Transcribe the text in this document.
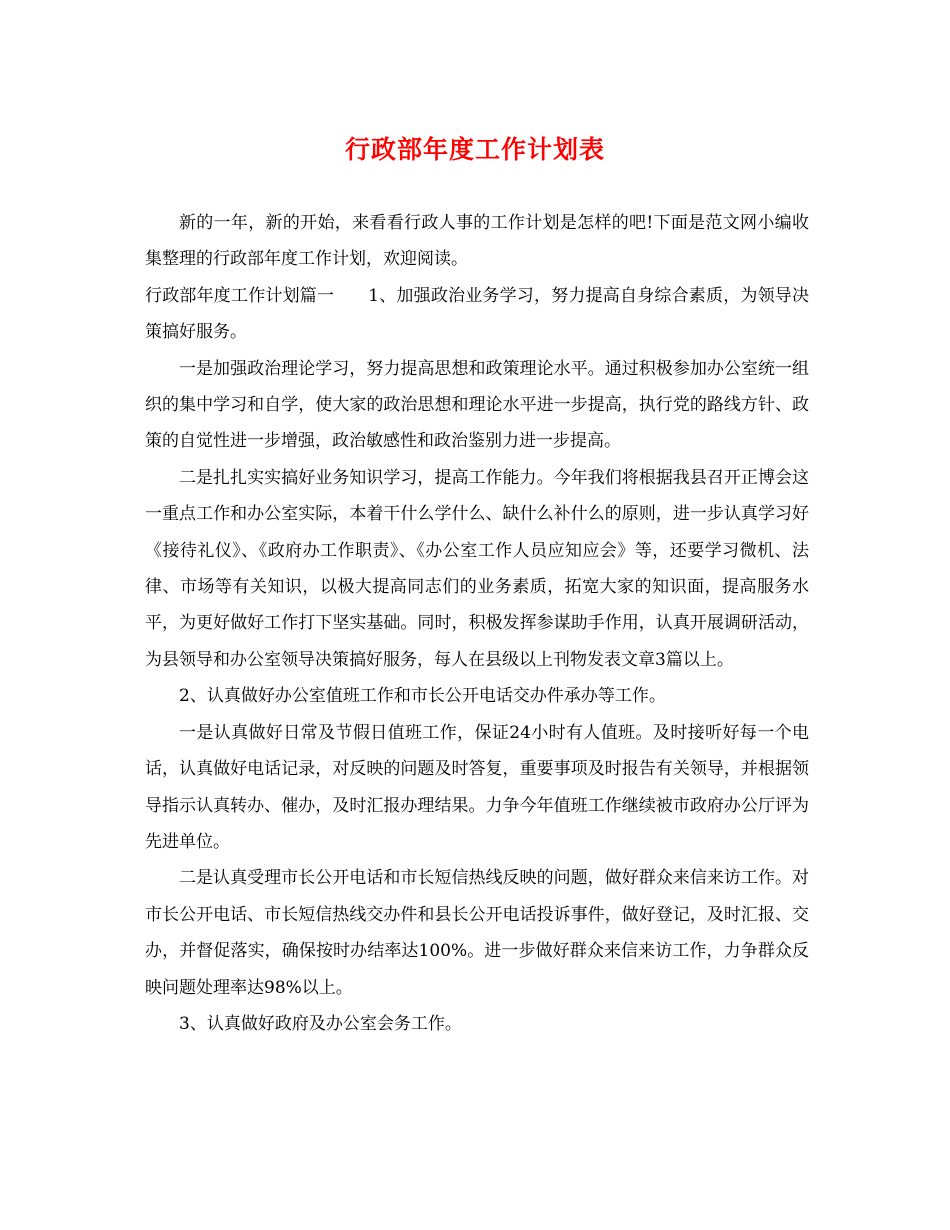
行政部年度工作计划表

新的一年，新的开始，来看看行政人事的工作计划是怎样的吧!下面是范文网小编收集整理的行政部年度工作计划，欢迎阅读。

行政部年度工作计划篇一 1、加强政治业务学习，努力提高自身综合素质，为领导决策搞好服务。

一是加强政治理论学习，努力提高思想和政策理论水平。通过积极参加办公室统一组织的集中学习和自学，使大家的政治思想和理论水平进一步提高，执行党的路线方针、政策的自觉性进一步增强，政治敏感性和政治鉴别力进一步提高。

二是扎扎实实搞好业务知识学习，提高工作能力。今年我们将根据我县召开正博会这一重点工作和办公室实际，本着干什么学什么、缺什么补什么的原则，进一步认真学习好《接待礼仪》、《政府办工作职责》、《办公室工作人员应知应会》等，还要学习微机、法律、市场等有关知识，以极大提高同志们的业务素质，拓宽大家的知识面，提高服务水平，为更好做好工作打下坚实基础。同时，积极发挥参谋助手作用，认真开展调研活动，为县领导和办公室领导决策搞好服务，每人在县级以上刊物发表文章3篇以上。

2、认真做好办公室值班工作和市长公开电话交办件承办等工作。

一是认真做好日常及节假日值班工作，保证24小时有人值班。及时接听好每一个电话，认真做好电话记录，对反映的问题及时答复，重要事项及时报告有关领导，并根据领导指示认真转办、催办，及时汇报办理结果。力争今年值班工作继续被市政府办公厅评为先进单位。

二是认真受理市长公开电话和市长短信热线反映的问题，做好群众来信来访工作。对市长公开电话、市长短信热线交办件和县长公开电话投诉事件，做好登记，及时汇报、交办，并督促落实，确保按时办结率达100%。进一步做好群众来信来访工作，力争群众反映问题处理率达98%以上。

3、认真做好政府及办公室会务工作。
